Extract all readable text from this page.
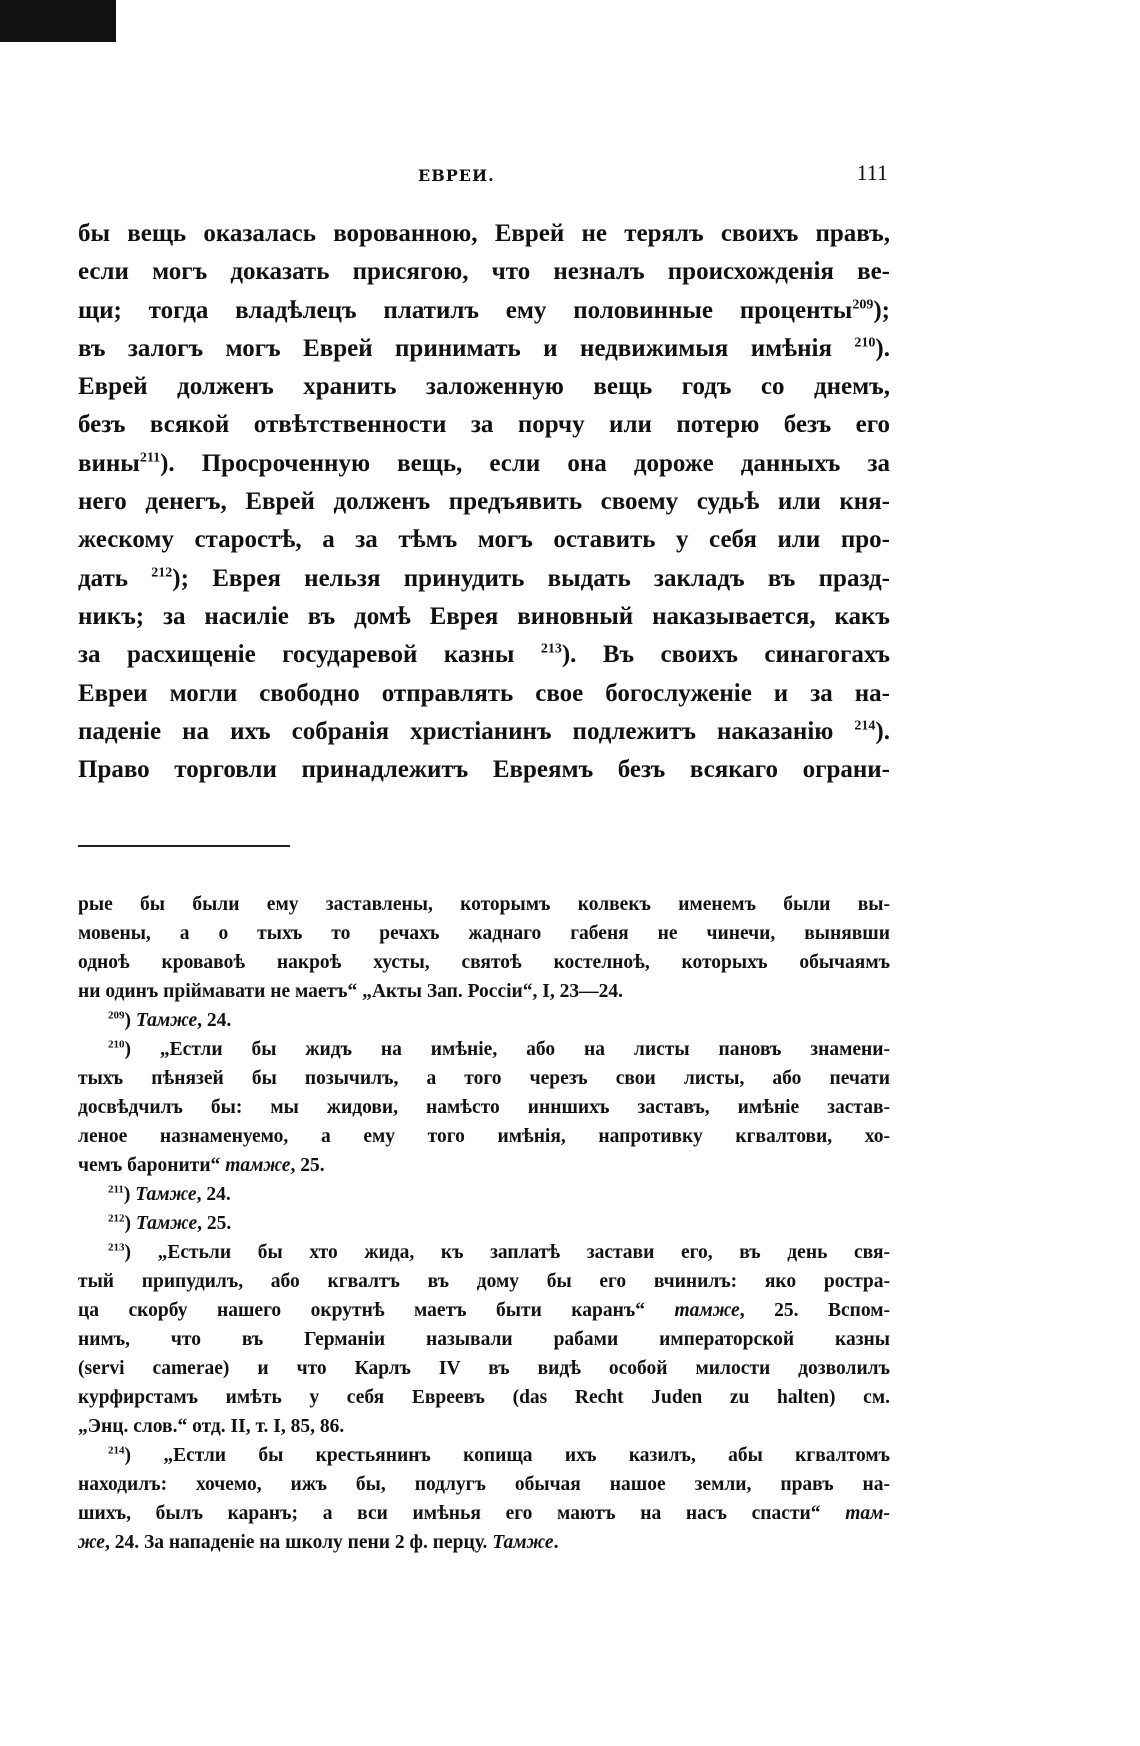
ЕВРЕИ.	111
бы вещь оказалась ворованною, Еврей не терялъ своихъ правъ,
если могъ доказать присягою, что незналъ происхожденія ве-
щи; тогда владѣлецъ платилъ ему половинные проценты$^{209}$);
въ залогъ могъ Еврей принимать и недвижимыя имѣнія $^{210}$).
Еврей долженъ хранить заложенную вещь годъ со днемъ,
безъ всякой отвѣтственности за порчу или потерю безъ его
вины$^{211}$). Просроченную вещь, если она дороже данныхъ за
него денегъ, Еврей долженъ предъявить своему судьѣ или кня-
жескому старостѣ, а за тѣмъ могъ оставить у себя или про-
дать $^{212}$); Еврея нельзя принудить выдать закладъ въ празд-
никъ; за насиліе въ домѣ Еврея виновный наказывается, какъ
за расхищеніе государевой казны $^{213}$). Въ своихъ синагогахъ
Евреи могли свободно отправлять свое богослуженіе и за на-
паденіе на ихъ собранія христіанинъ подлежитъ наказанію $^{214}$).
Право торговли принадлежитъ Евреямъ безъ всякаго ограни-
рые бы были ему заставлены, которымъ колвекъ именемъ были вы-
мовены, а о тыхъ то речахъ жаднаго габеня не чинечи, вынявши
одноѣ кровавоѣ накроѣ хусты, святоѣ костелноѣ, которыхъ обычаямъ
ни одинъ пріймавати не маетъ“ „Акты Зап. Россіи“, I, 23—24.
$^{209}$) Тамже, 24.
$^{210}$) „Естли бы жидъ на имѣніе, або на листы пановъ знамени-
тыхъ пѣнязей бы позычилъ, а того черезъ свои листы, або печати
досвѣдчилъ бы: мы жидови, намѣсто инншихъ заставъ, имѣніе застав-
леное назнаменуемо, а ему того имѣнія, напротивку кгвалтови, хо-
чемъ баронити“ тамже, 25.
$^{211}$) Тамже, 24.
$^{212}$) Тамже, 25.
$^{213}$) „Естьли бы хто жида, къ заплатѣ застави его, въ день свя-
тый припудилъ, або кгвалтъ въ дому бы его вчинилъ: яко ростра-
ца скорбу нашего окрутнѣ маетъ быти каранъ“ тамже, 25. Вспом-
нимъ, что въ Германіи называли рабами императорской казны
(servi camerae) и что Карлъ IV въ видѣ особой милости дозволилъ
курфирстамъ имѣть у себя Евреевъ (das Recht Juden zu halten) см.
„Энц. слов.“ отд. II, т. I, 85, 86.
$^{214}$) „Естли бы крестьянинъ копища ихъ казилъ, абы кгвалтомъ
находилъ: хочемо, ижъ бы, подлугъ обычая нашое земли, правъ на-
шихъ, былъ каранъ; а вси имѣнья его маютъ на насъ спасти“ там-
же, 24. За нападеніе на школу пени 2 ф. перцу. Тамже.
